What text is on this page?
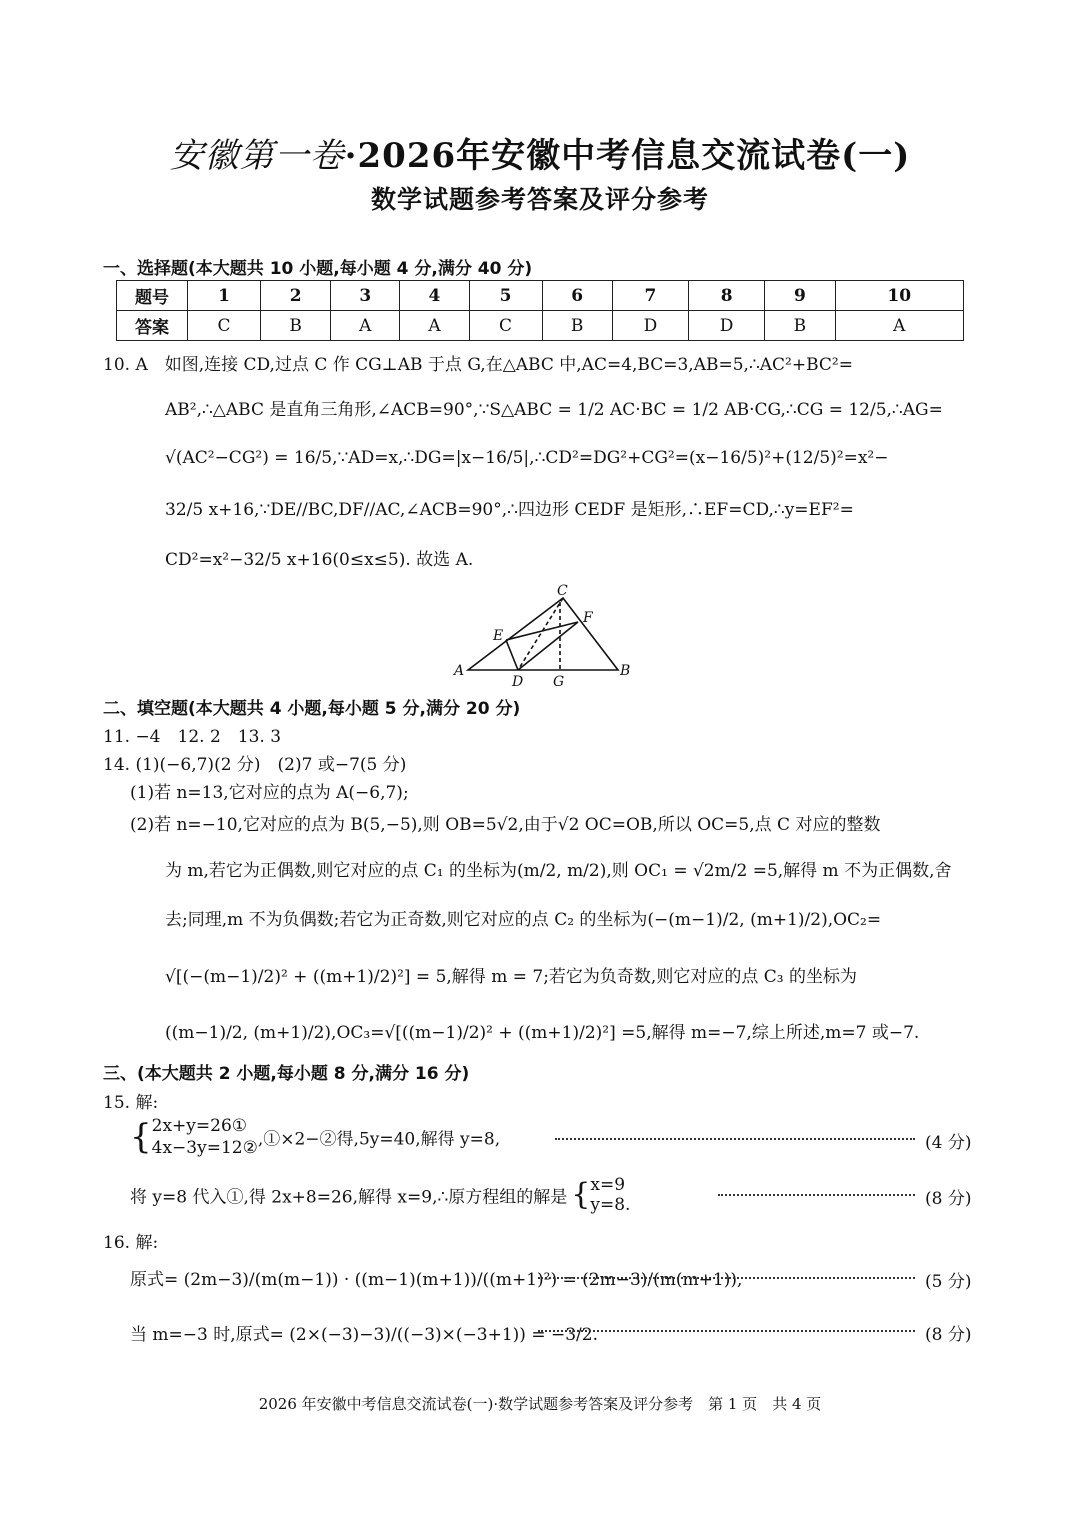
安徽第一卷·2026年安徽中考信息交流试卷(一)
数学试题参考答案及评分参考
一、选择题(本大题共 10 小题,每小题 4 分,满分 40 分)
题号	1	2	3	4	5	6	7	8	9	10
答案	C	B	A	A	C	B	D	D	B	A
10. A　如图,连接 CD,过点 C 作 CG⊥AB 于点 G,在△ABC 中,AC=4,BC=3,AB=5,∴AC²+BC²=
AB²,∴△ABC 是直角三角形,∠ACB=90°,∵S△ABC = 1/2 AC·BC = 1/2 AB·CG,∴CG = 12/5,∴AG=
√(AC²−CG²) = 16/5,∵AD=x,∴DG=|x−16/5|,∴CD²=DG²+CG²=(x−16/5)²+(12/5)²=x²−
32/5 x+16,∵DE//BC,DF//AC,∠ACB=90°,∴四边形 CEDF 是矩形,∴EF=CD,∴y=EF²=
CD²=x²−32/5 x+16(0≤x≤5). 故选 A.
C
F
E
A
D G
B
二、填空题(本大题共 4 小题,每小题 5 分,满分 20 分)
11. −4　12. 2　13. 3
14. (1)(−6,7)(2 分)　(2)7 或−7(5 分)
(1)若 n=13,它对应的点为 A(−6,7);
(2)若 n=−10,它对应的点为 B(5,−5),则 OB=5√2,由于√2 OC=OB,所以 OC=5,点 C 对应的整数
为 m,若它为正偶数,则它对应的点 C₁ 的坐标为(m/2, m/2),则 OC₁ = √2m/2 =5,解得 m 不为正偶数,舍
去;同理,m 不为负偶数;若它为正奇数,则它对应的点 C₂ 的坐标为(−(m−1)/2, (m+1)/2),OC₂=
√[(−(m−1)/2)² + ((m+1)/2)²] = 5,解得 m = 7;若它为负奇数,则它对应的点 C₃ 的坐标为
((m−1)/2, (m+1)/2),OC₃=√[((m−1)/2)² + ((m+1)/2)²] =5,解得 m=−7,综上所述,m=7 或−7.
三、(本大题共 2 小题,每小题 8 分,满分 16 分)
15. 解:
{ 2x+y=26①
4x−3y=12② ,①×2−②得,5y=40,解得 y=8,	(4 分)
将 y=8 代入①,得 2x+8=26,解得 x=9,∴原方程组的解是 { x=9
y=8.	(8 分)
16. 解:
原式= (2m−3)/(m(m−1)) · ((m−1)(m+1))/((m+1)²) = (2m−3)/(m(m+1)),	(5 分)
当 m=−3 时,原式= (2×(−3)−3)/((−3)×(−3+1)) = −3/2.	(8 分)
2026 年安徽中考信息交流试卷(一)·数学试题参考答案及评分参考　第 1 页　共 4 页
